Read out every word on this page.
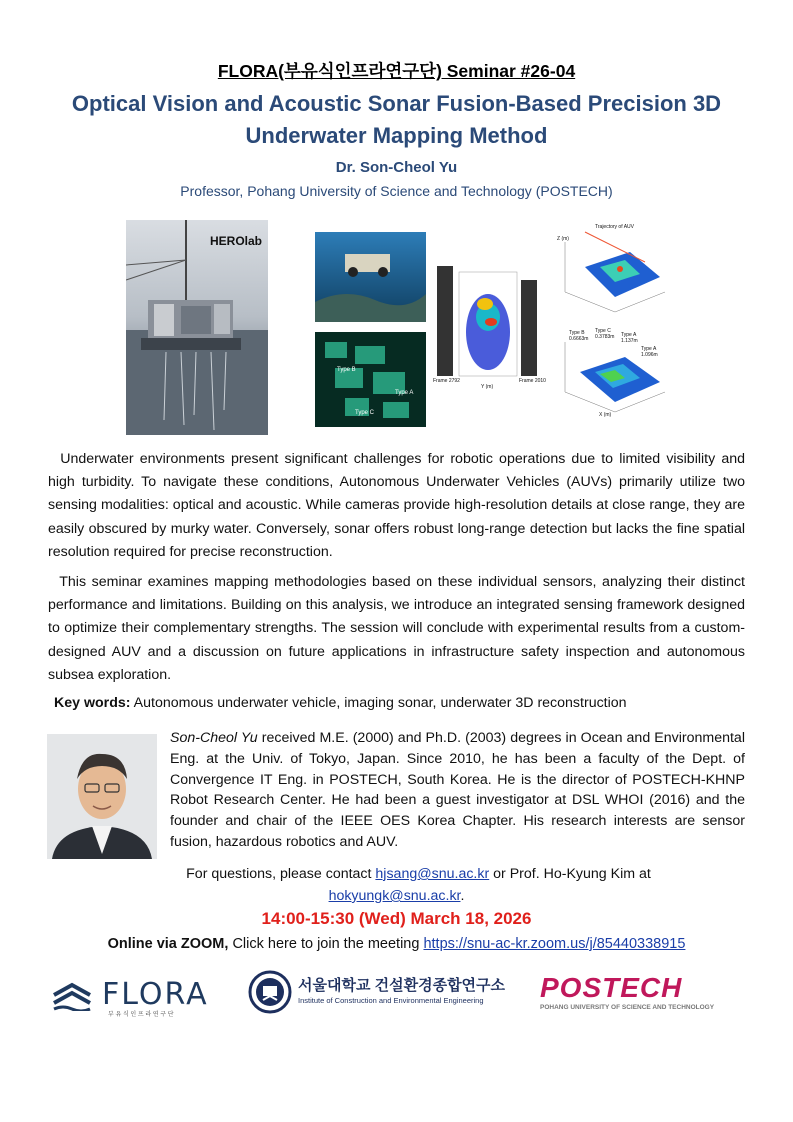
FLORA(부유식인프라연구단) Seminar #26-04
Optical Vision and Acoustic Sonar Fusion-Based Precision 3D
Underwater Mapping Method
Dr. Son-Cheol Yu
Professor, Pohang University of Science and Technology (POSTECH)
HEROlab
Type B
Type A
Type C
Frame 2792	Frame 2010
Y (m)
Trajectory of AUV
Z (m)
Type B 0.6663m
Type C 0.3783m	Type A 1.137m
Type A 1.096m
X (m)

Underwater environments present significant challenges for robotic operations due to limited visibility and high turbidity. To navigate these conditions, Autonomous Underwater Vehicles (AUVs) primarily utilize two sensing modalities: optical and acoustic. While cameras provide high-resolution details at close range, they are easily obscured by murky water. Conversely, sonar offers robust long-range detection but lacks the fine spatial resolution required for precise reconstruction.

This seminar examines mapping methodologies based on these individual sensors, analyzing their distinct performance and limitations. Building on this analysis, we introduce an integrated sensing framework designed to optimize their complementary strengths. The session will conclude with experimental results from a custom-designed AUV and a discussion on future applications in infrastructure safety inspection and autonomous subsea exploration.

Key words: Autonomous underwater vehicle, imaging sonar, underwater 3D reconstruction

Son-Cheol Yu received M.E. (2000) and Ph.D. (2003) degrees in Ocean and Environmental Eng. at the Univ. of Tokyo, Japan. Since 2010, he has been a faculty of the Dept. of Convergence IT Eng. in POSTECH, South Korea. He is the director of POSTECH-KHNP Robot Research Center. He had been a guest investigator at DSL WHOI (2016) and the founder and chair of the IEEE OES Korea Chapter. His research interests are sensor fusion, hazardous robotics and AUV.

For questions, please contact hjsang@snu.ac.kr or Prof. Ho-Kyung Kim at
hokyungk@snu.ac.kr.
14:00-15:30 (Wed) March 18, 2026
Online via ZOOM, Click here to join the meeting https://snu-ac-kr.zoom.us/j/85440338915
FLORA
부 유 식 인 프 라 연 구 단
서울대학교 건설환경종합연구소
Institute of Construction and Environmental Engineering POSTECH
POHANG UNIVERSITY OF SCIENCE AND TECHNOLOGY
